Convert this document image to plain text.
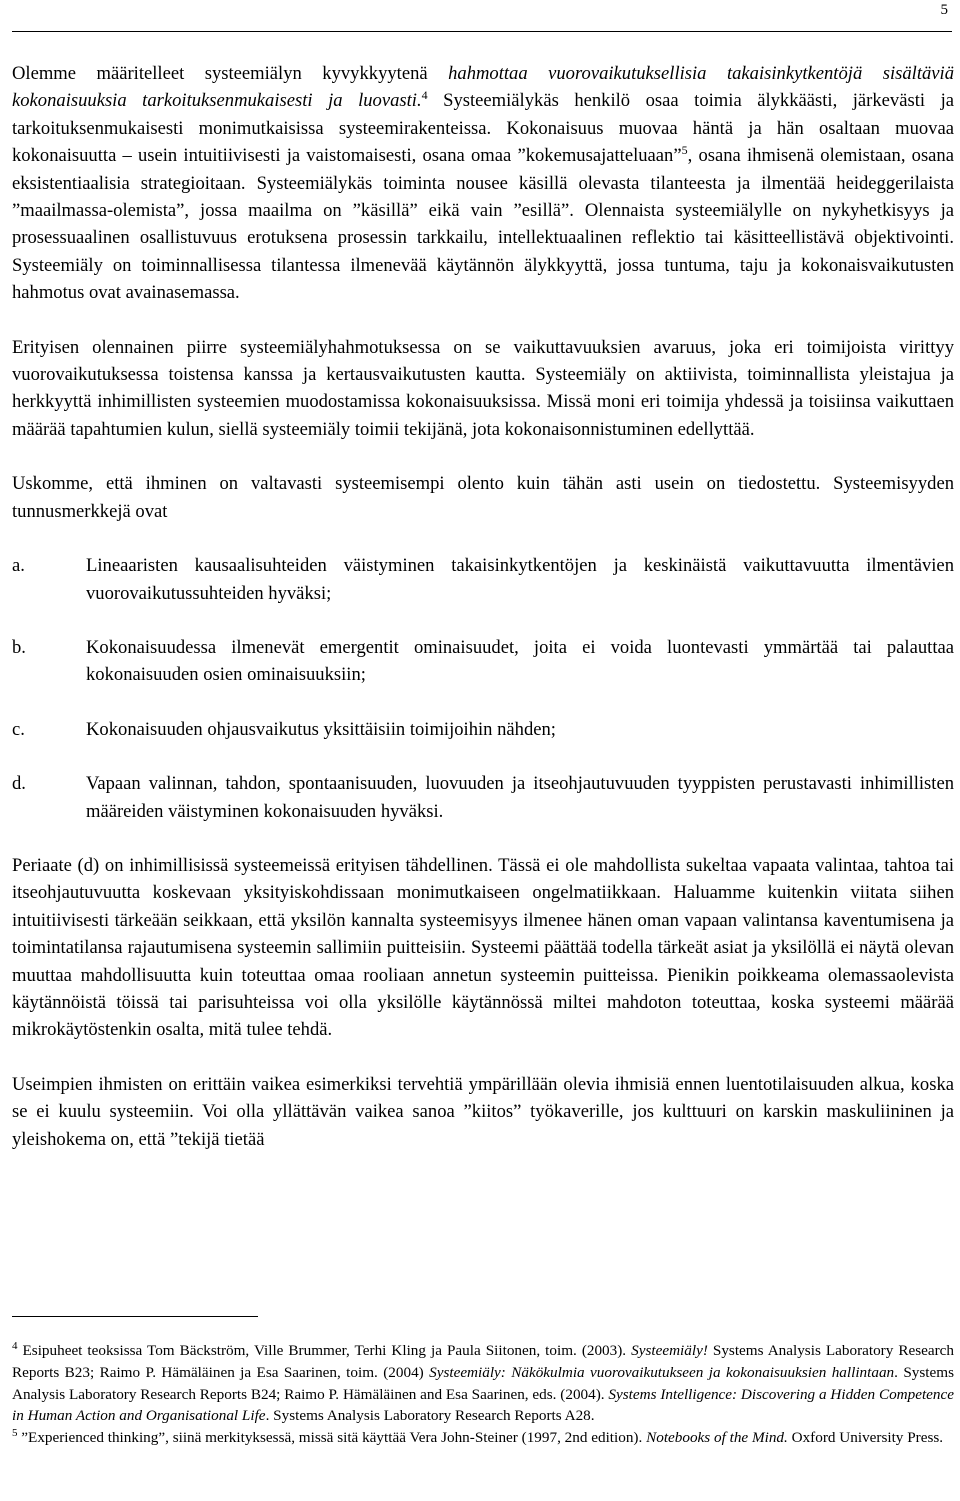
5

Olemme määritelleet systeemiälyn kyvykkyytenä hahmottaa vuorovaikutuksellisia takaisinkytkentöjä sisältäviä kokonaisuuksia tarkoituksenmukaisesti ja luovasti.$^4$ Systeemiälykäs henkilö osaa toimia älykkäästi, järkevästi ja tarkoituksenmukaisesti monimutkaisissa systeemirakenteissa. Kokonaisuus muovaa häntä ja hän osaltaan muovaa kokonaisuutta – usein intuitiivisesti ja vaistomaisesti, osana omaa ”kokemusajatteluaan”$^5$, osana ihmisenä olemistaan, osana eksistentiaalisia strategioitaan. Systeemiälykäs toiminta nousee käsillä olevasta tilanteesta ja ilmentää heideggerilaista ”maailmassa-olemista”, jossa maailma on ”käsillä” eikä vain ”esillä”. Olennaista systeemiälylle on nykyhetkisyys ja prosessuaalinen osallistuvuus erotuksena prosessin tarkkailu, intellektuaalinen reflektio tai käsitteellistävä objektivointi. Systeemiäly on toiminnallisessa tilantessa ilmenevää käytännön älykkyyttä, jossa tuntuma, taju ja kokonaisvaikutusten hahmotus ovat avainasemassa.

Erityisen olennainen piirre systeemiälyhahmotuksessa on se vaikuttavuuksien avaruus, joka eri toimijoista virittyy vuorovaikutuksessa toistensa kanssa ja kertausvaikutusten kautta. Systeemiäly on aktiivista, toiminnallista yleistajua ja herkkyyttä inhimillisten systeemien muodostamissa kokonaisuuksissa. Missä moni eri toimija yhdessä ja toisiinsa vaikuttaen määrää tapahtumien kulun, siellä systeemiäly toimii tekijänä, jota kokonaisonnistuminen edellyttää.

Uskomme, että ihminen on valtavasti systeemisempi olento kuin tähän asti usein on tiedostettu. Systeemisyyden tunnusmerkkejä ovat

a.	Lineaaristen kausaalisuhteiden väistyminen takaisinkytkentöjen ja keskinäistä vaikuttavuutta ilmentävien vuorovaikutussuhteiden hyväksi;
b.	Kokonaisuudessa ilmenevät emergentit ominaisuudet, joita ei voida luontevasti ymmärtää tai palauttaa kokonaisuuden osien ominaisuuksiin;
c.	Kokonaisuuden ohjausvaikutus yksittäisiin toimijoihin nähden;
d.	Vapaan valinnan, tahdon, spontaanisuuden, luovuuden ja itseohjautuvuuden tyyppisten perustavasti inhimillisten määreiden väistyminen kokonaisuuden hyväksi.

Periaate (d) on inhimillisissä systeemeissä erityisen tähdellinen. Tässä ei ole mahdollista sukeltaa vapaata valintaa, tahtoa tai itseohjautuvuutta koskevaan yksityiskohdissaan monimutkaiseen ongelmatiikkaan. Haluamme kuitenkin viitata siihen intuitiivisesti tärkeään seikkaan, että yksilön kannalta systeemisyys ilmenee hänen oman vapaan valintansa kaventumisena ja toimintatilansa rajautumisena systeemin sallimiin puitteisiin. Systeemi päättää todella tärkeät asiat ja yksilöllä ei näytä olevan muuttaa mahdollisuutta kuin toteuttaa omaa rooliaan annetun systeemin puitteissa. Pienikin poikkeama olemassaolevista käytännöistä töissä tai parisuhteissa voi olla yksilölle käytännössä miltei mahdoton toteuttaa, koska systeemi määrää mikrokäytöstenkin osalta, mitä tulee tehdä.

Useimpien ihmisten on erittäin vaikea esimerkiksi tervehtiä ympärillään olevia ihmisiä ennen luentotilaisuuden alkua, koska se ei kuulu systeemiin. Voi olla yllättävän vaikea sanoa ”kiitos” työkaverille, jos kulttuuri on karskin maskuliininen ja yleishokema on, että ”tekijä tietää

$^4$ Esipuheet teoksissa Tom Bäckström, Ville Brummer, Terhi Kling ja Paula Siitonen, toim. (2003). Systeemiäly! Systems Analysis Laboratory Research Reports B23; Raimo P. Hämäläinen ja Esa Saarinen, toim. (2004) Systeemiäly: Näkökulmia vuorovaikutukseen ja kokonaisuuksien hallintaan. Systems Analysis Laboratory Research Reports B24; Raimo P. Hämäläinen and Esa Saarinen, eds. (2004). Systems Intelligence: Discovering a Hidden Competence in Human Action and Organisational Life. Systems Analysis Laboratory Research Reports A28.

$^5$ ”Experienced thinking”, siinä merkityksessä, missä sitä käyttää Vera John-Steiner (1997, 2nd edition). Notebooks of the Mind. Oxford University Press.
